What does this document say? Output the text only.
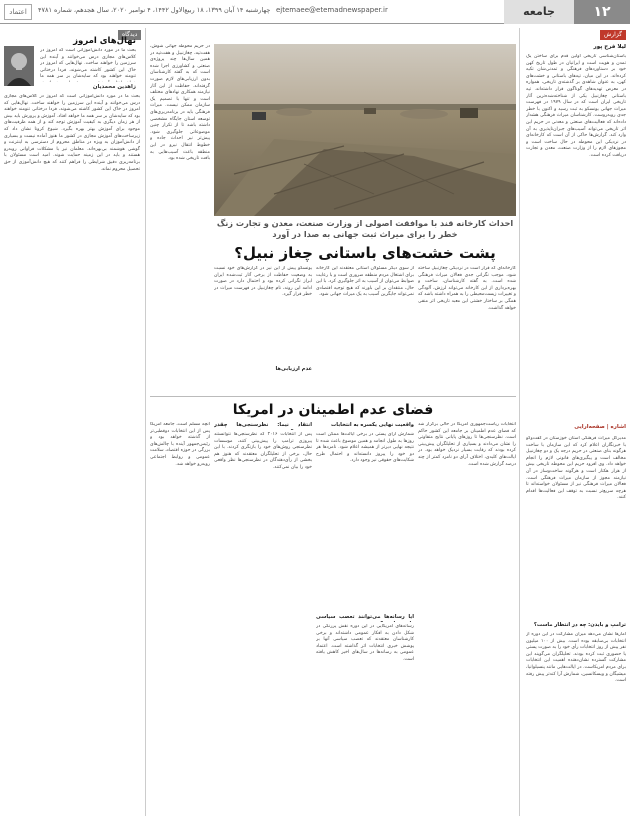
۱۲
جامعه
ejtemaee@etemadnewspaper.ir
چهارشنبه ۱۴ آبان ۱۳۹۹، ۱۸ ربیع‌الاول ۱۴۴۲، ۴ نوامبر ۲۰۲۰، سال هجدهم، شماره ۴۷۸۱
اعتماد
گزارش
لیلا فرج‌ پور
باستان‌شناسی تاریخی اولین قدم برای ساختن یک تمدن و هویت است و ایرانیان در طول تاریخ کهن خود بر دستاوردهای فرهنگی و تمدنی‌شان تکیه کرده‌اند. در این میان، تپه‌های باستانی و خشت‌های کهن، به عنوان شاهدی بر گذشته‌ی تاریخی، همواره در معرض تهدیدهای گوناگون قرار داشته‌اند. تپه باستانی چغازنبیل یکی از شناخته‌شده‌ترین آثار تاریخی ایران است که در سال ۱۹۷۹ در فهرست میراث جهانی یونسکو به ثبت رسید و اکنون با خطر جدی روبه‌روست. کارشناسان میراث فرهنگی هشدار داده‌اند که فعالیت‌های صنعتی و معدنی در حریم این اثر تاریخی می‌تواند آسیب‌های جبران‌ناپذیری به آن وارد کند. گزارش‌ها حاکی از آن است که کارخانه‌ای در نزدیکی این محوطه در حال ساخت است و مجوزهای لازم را از وزارت صنعت، معدن و تجارت دریافت کرده است.
اشاره | صفحه‌آرایی
مدیرکل میراث فرهنگی استان خوزستان در گفت‌وگو با خبرنگاران اعلام کرد که این سازمان با ساخت هرگونه بنای صنعتی در حریم درجه یک و دو چغازنبیل مخالف است و پیگیری‌های قانونی لازم را انجام خواهد داد. وی افزود حریم این محوطه تاریخی بیش از هزار هکتار است و هرگونه ساخت‌وساز در آن نیازمند مجوز از سازمان میراث فرهنگی است. فعالان میراث فرهنگی نیز از مسئولان خواسته‌اند تا هرچه سریع‌تر نسبت به توقف این فعالیت‌ها اقدام کنند.
ترامپ و بایدن: چه در انتظار ماست؟
آمارها نشان می‌دهد میزان مشارکت در این دوره از انتخابات بی‌سابقه بوده است. بیش از ۱۰۰ میلیون نفر پیش از روز انتخابات رأی خود را به صورت پستی یا حضوری ثبت کرده بودند. تحلیلگران می‌گویند این مشارکت گسترده نشان‌دهنده اهمیت این انتخابات برای مردم امریکاست. در ایالت‌هایی مانند پنسیلوانیا، میشیگان و ویسکانسین، شمارش آرا کندتر پیش رفته است.
احداث کارخانه قند با موافقت اصولی از وزارت صنعت، معدن و تجارت زنگ خطر را برای میراث ثبت جهانی به صدا در آورد
پشت خشت‌های باستانی چغاز نبیل؟
کارخانه‌ای که قرار است در نزدیکی چغازنبیل ساخته شود، موجب نگرانی جدی فعالان میراث فرهنگی شده است. به گفته کارشناسان، ساخت و بهره‌برداری از این کارخانه می‌تواند لرزش، آلودگی و تغییرات زیست‌محیطی را به همراه داشته باشد که همگی بر ساختار خشتی این معبد تاریخی اثر منفی خواهد گذاشت.
از سوی دیگر مسئولان استانی معتقدند این کارخانه برای اشتغال مردم منطقه ضروری است و با رعایت ضوابط می‌توان از آسیب به اثر جلوگیری کرد. با این حال، منتقدان بر این باورند که هیچ توجیه اقتصادی نمی‌تواند جایگزین آسیب به یک میراث جهانی شود.
عدم ارزیابی‌ها
یونسکو پیش از این نیز در گزارش‌های خود نسبت به وضعیت حفاظت از برخی آثار ثبت‌شده ایران ابراز نگرانی کرده بود و احتمال دارد در صورت ادامه این روند، نام چغازنبیل در فهرست میراث در خطر قرار گیرد.
در حریم محوطه جهانی شوش، هفت‌تپه، چغازنبیل و هفت‌تپه در همین سال‌ها چند پروژه‌ی صنعتی و کشاورزی اجرا شده است که به گفته کارشناسان بدون ارزیابی‌های لازم صورت گرفته‌اند. حفاظت از این آثار نیازمند همکاری نهادهای مختلف است و تنها با تصمیم یک سازمان ممکن نیست. میراث فرهنگی باید در برنامه‌ریزی‌های توسعه استان جایگاه مشخصی داشته باشد تا از تکرار چنین موضوعاتی جلوگیری شود. پیش‌تر نیز احداث جاده و خطوط انتقال نیرو در این منطقه باعث آسیب‌هایی به بافت تاریخی شده بود.
دیدگاه
نهال‌های امروز
زاهدین محمدیان
بحث ما در مورد دانش‌آموزانی است که امروز در کلاس‌های مجازی درس می‌خوانند و آینده این سرزمین را خواهند ساخت. نهال‌هایی که امروز در خاک این کشور کاشته می‌شوند، فردا درختانی تنومند خواهند بود که سایه‌شان بر سر همه ما
بحث ما در مورد دانش‌آموزانی است که امروز در کلاس‌های مجازی درس می‌خوانند و آینده این سرزمین را خواهند ساخت. نهال‌هایی که امروز در خاک این کشور کاشته می‌شوند، فردا درختانی تنومند خواهند بود که سایه‌شان بر سر همه ما خواهد افتاد. آموزش و پرورش باید بیش از هر زمان دیگری به کیفیت آموزش توجه کند و از همه ظرفیت‌های موجود برای آموزش بهتر بهره بگیرد. شیوع کرونا نشان داد که زیرساخت‌های آموزش مجازی در کشور ما هنوز آماده نیست و بسیاری از دانش‌آموزان به ویژه در مناطق محروم از دسترسی به اینترنت و گوشی هوشمند بی‌بهره‌اند. معلمان نیز با مشکلات فراوانی روبه‌رو هستند و باید در این زمینه حمایت شوند. امید است مسئولان با برنامه‌ریزی دقیق شرایطی را فراهم کنند که هیچ دانش‌آموزی از حق تحصیل محروم نماند.
فضای عدم اطمینان در امریکا
انتخابات ریاست‌جمهوری امریکا در حالی برگزار شد که فضای عدم اطمینان بر جامعه این کشور حاکم است. نظرسنجی‌ها تا روزهای پایانی نتایج متفاوتی را نشان می‌دادند و بسیاری از تحلیلگران پیش‌بینی کرده بودند که رقابت بسیار نزدیک خواهد بود. در ایالت‌های کلیدی، اختلاف آرای دو نامزد کمتر از چند درصد گزارش شده است.
واقعیت نهایی یکسره به انتخابات
شمارش آرای پستی در برخی ایالت‌ها ممکن است روزها به طول انجامد و همین موضوع باعث شده تا نتیجه نهایی دیرتر از همیشه اعلام شود. نامزدها هر دو خود را پیروز دانسته‌اند و احتمال طرح شکایت‌های حقوقی نیز وجود دارد.
آیا رسانه‌ها می‌توانند تعصب سیاسی
رسانه‌های امریکایی در این دوره نقش پررنگی در شکل دادن به افکار عمومی داشته‌اند و برخی کارشناسان معتقدند که تعصب سیاسی آنها بر پوشش خبری انتخابات اثر گذاشته است. اعتماد عمومی به رسانه‌ها در سال‌های اخیر کاهش یافته است.
انتقاد نیما: نظرسنجی‌ها چقدر
پس از انتخابات ۲۰۱۶ که نظرسنجی‌ها نتوانستند پیروزی ترامپ را پیش‌بینی کنند، موسسات نظرسنجی روش‌های خود را بازنگری کردند. با این حال، برخی از تحلیلگران معتقدند که هنوز هم بخشی از رأی‌دهندگان در نظرسنجی‌ها نظر واقعی خود را بیان نمی‌کنند.
آنچه مسلم است، جامعه امریکا پس از این انتخابات دوقطبی‌تر از گذشته خواهد بود و رئیس‌جمهور آینده با چالش‌های بزرگی در حوزه اقتصاد، سلامت عمومی و روابط اجتماعی روبه‌رو خواهد شد.
